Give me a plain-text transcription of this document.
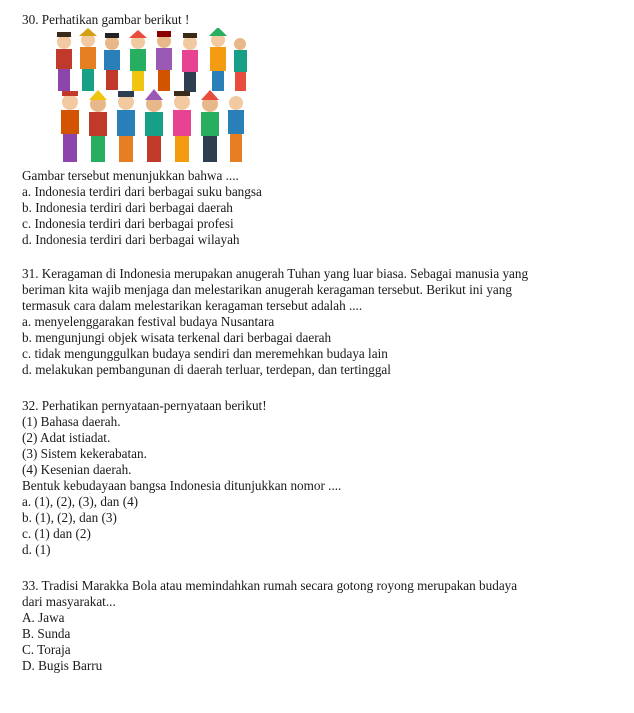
30. Perhatikan gambar berikut !
Gambar tersebut menunjukkan bahwa ....
a. Indonesia terdiri dari berbagai suku bangsa
b. Indonesia terdiri dari berbagai daerah
c. Indonesia terdiri dari berbagai profesi
d. Indonesia terdiri dari berbagai wilayah
31. Keragaman di Indonesia merupakan anugerah Tuhan yang luar biasa. Sebagai manusia yang
beriman kita wajib menjaga dan melestarikan anugerah keragaman tersebut. Berikut ini yang
termasuk cara dalam melestarikan keragaman tersebut adalah ....
a. menyelenggarakan festival budaya Nusantara
b. mengunjungi objek wisata terkenal dari berbagai daerah
c. tidak mengunggulkan budaya sendiri dan meremehkan budaya lain
d. melakukan pembangunan di daerah terluar, terdepan, dan tertinggal
32. Perhatikan pernyataan-pernyataan berikut!
(1) Bahasa daerah.
(2) Adat istiadat.
(3) Sistem kekerabatan.
(4) Kesenian daerah.
Bentuk kebudayaan bangsa Indonesia ditunjukkan nomor ....
a. (1), (2), (3), dan (4)
b. (1), (2), dan (3)
c. (1) dan (2)
d. (1)
33. Tradisi Marakka Bola atau memindahkan rumah secara gotong royong merupakan budaya
dari masyarakat...
A. Jawa
B. Sunda
C. Toraja
D. Bugis Barru
